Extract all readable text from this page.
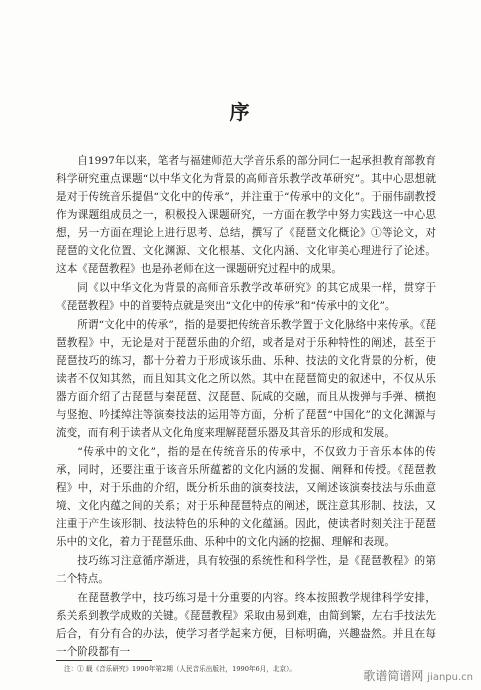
序

自1997年以来，笔者与福建师范大学音乐系的部分同仁一起承担教育部教育科学研究重点课题“以中华文化为背景的高师音乐教学改革研究”。其中心思想就是对于传统音乐提倡“文化中的传承”，并注重于“传承中的文化”。于丽伟副教授作为课题组成员之一，积极投入课题研究，一方面在教学中努力实践这一中心思想，另一方面在理论上进行思考、总结，撰写了《琵琶文化概论》①等论文，对琵琶的文化位置、文化渊源、文化根基、文化内涵、文化审美心理进行了论述。这本《琵琶教程》也是孙老师在这一课题研究过程中的成果。

同《以中华文化为背景的高师音乐教学改革研究》的其它成果一样，贯穿于《琵琶教程》中的首要特点就是突出“文化中的传承”和“传承中的文化”。

所谓“文化中的传承”，指的是要把传统音乐教学置于文化脉络中来传承。《琵琶教程》中，无论是对于琵琶乐曲的介绍，或者是对于乐种特性的阐述，甚至于琵琶技巧的练习，都十分着力于形成该乐曲、乐种、技法的文化背景的分析，使读者不仅知其然，而且知其文化之所以然。其中在琵琶简史的叙述中，不仅从乐器方面介绍了古琵琶与秦琵琶、汉琵琶、阮咸的交融，而且从拨弹与手弹、横抱与竖抱、吟揉绰注等演奏技法的运用等方面，分析了琵琶“中国化”的文化渊源与流变，而有利于读者从文化角度来理解琵琶乐器及其音乐的形成和发展。

“传承中的文化”，指的是在传统音乐的传承中，不仅致力于音乐本体的传承，同时，还要注重于该音乐所蕴蓄的文化内涵的发掘、阐释和传授。《琵琶教程》中，对于乐曲的介绍，既分析乐曲的演奏技法，又阐述该演奏技法与乐曲意境、文化内蕴之间的关系；对于乐种琵琶特点的阐述，既注意其形制、技法，又注重于产生该形制、技法特色的乐种的文化蕴涵。因此，使读者时刻关注于琵琶乐中的文化，着力于琵琶乐曲、乐种中的文化内涵的挖掘、理解和表现。

技巧练习注意循序渐进，具有较强的系统性和科学性，是《琵琶教程》的第二个特点。

在琵琶教学中，技巧练习是十分重要的内容。终本按照教学规律科学安排，系关系到教学成败的关键。《琵琶教程》采取由易到难，由简到繁，左右手技法先后合，有分有合的办法，使学习者学起来方便，目标明确，兴趣盎然。并且在每一个阶段都有一

注：① 载《音乐研究》1990年第2期（人民音乐出版社，1990年6月，北京）。	歌谱简谱网 jianpu.cn
